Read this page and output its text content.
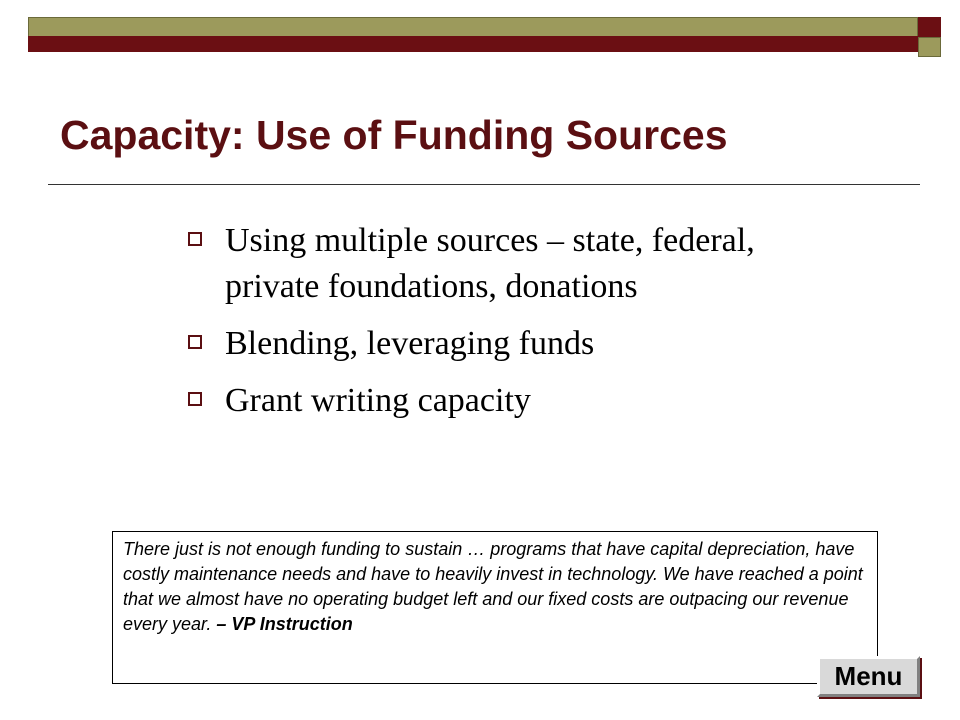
Capacity: Use of Funding Sources
Using multiple sources – state, federal, private foundations, donations
Blending, leveraging funds
Grant writing capacity
There just is not enough funding to sustain … programs that have capital depreciation, have costly maintenance needs and have to heavily invest in technology. We have reached a point that we almost have no operating budget left and our fixed costs are outpacing our revenue every year. – VP Instruction
Menu
